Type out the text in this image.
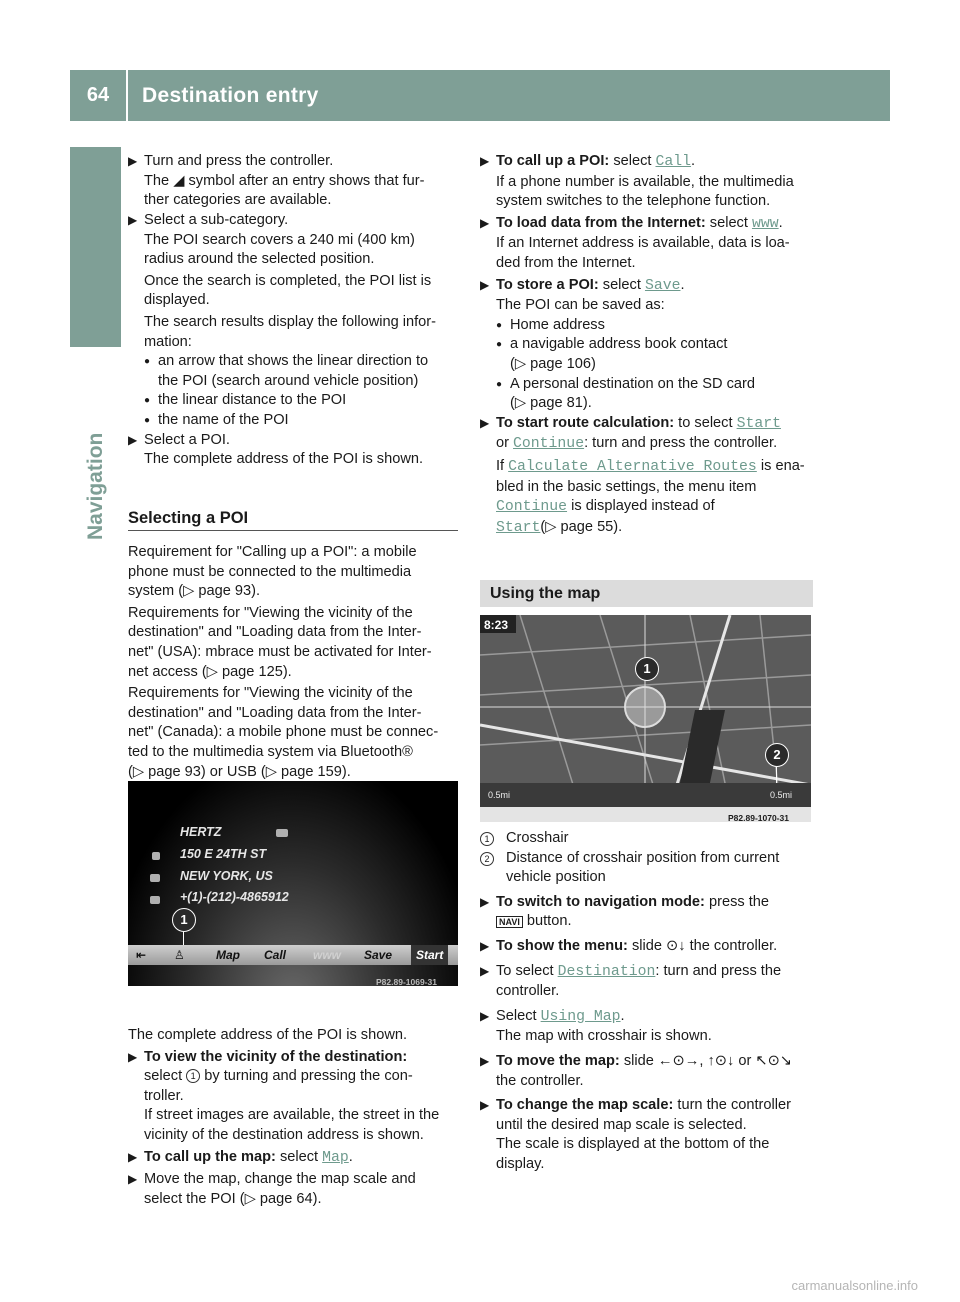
64	Destination entry
Navigation
▶ Turn and press the controller.
The ◢ symbol after an entry shows that fur-
ther categories are available.
▶ Select a sub-category.
The POI search covers a 240 mi (400 km)
radius around the selected position.
Once the search is completed, the POI list is
displayed.
The search results display the following infor-
mation:
● an arrow that shows the linear direction to
the POI (search around vehicle position)
● the linear distance to the POI
● the name of the POI
▶ Select a POI.
The complete address of the POI is shown.
Selecting a POI
Requirement for "Calling up a POI": a mobile
phone must be connected to the multimedia
system (▷ page 93).
Requirements for "Viewing the vicinity of the
destination" and "Loading data from the Inter-
net" (USA): mbrace must be activated for Inter-
net access (▷ page 125).
Requirements for "Viewing the vicinity of the
destination" and "Loading data from the Inter-
net" (Canada): a mobile phone must be connec-
ted to the multimedia system via Bluetooth®
(▷ page 93) or USB (▷ page 159).
HERTZ
150 E 24TH ST
NEW YORK, US
+(1)-(212)-4865912
1
P82.89-1069-31
⇤ ♙	Map Call www Save	Start
The complete address of the POI is shown.
▶ To view the vicinity of the destination:
select 1 by turning and pressing the con-
troller.
If street images are available, the street in the
vicinity of the destination address is shown.
▶ To call up the map: select Map.
▶ Move the map, change the map scale and
select the POI (▷ page 64).
▶ To call up a POI: select Call.
If a phone number is available, the multimedia
system switches to the telephone function.
▶ To load data from the Internet: select www.
If an Internet address is available, data is loa-
ded from the Internet.
▶ To store a POI: select Save.
The POI can be saved as:
● Home address
● a navigable address book contact
(▷ page 106)
● A personal destination on the SD card
(▷ page 81).
▶ To start route calculation: to select Start
or Continue: turn and press the controller.
If Calculate Alternative Routes is ena-
bled in the basic settings, the menu item
Continue is displayed instead of
Start(▷ page 55).
Using the map
8:23
0.5mi	0.5mi
1
2
P82.89-1070-31
1	Crosshair
2	Distance of crosshair position from current
vehicle position
▶ To switch to navigation mode: press the
NAVI button.
▶ To show the menu: slide ⊙↓ the controller.
▶ To select Destination: turn and press the
controller.
▶ Select Using Map.
The map with crosshair is shown.
▶ To move the map: slide ←⊙→, ↑⊙↓ or ↖⊙↘
the controller.
▶ To change the map scale: turn the controller
until the desired map scale is selected.
The scale is displayed at the bottom of the
display.
carmanualsonline.info
